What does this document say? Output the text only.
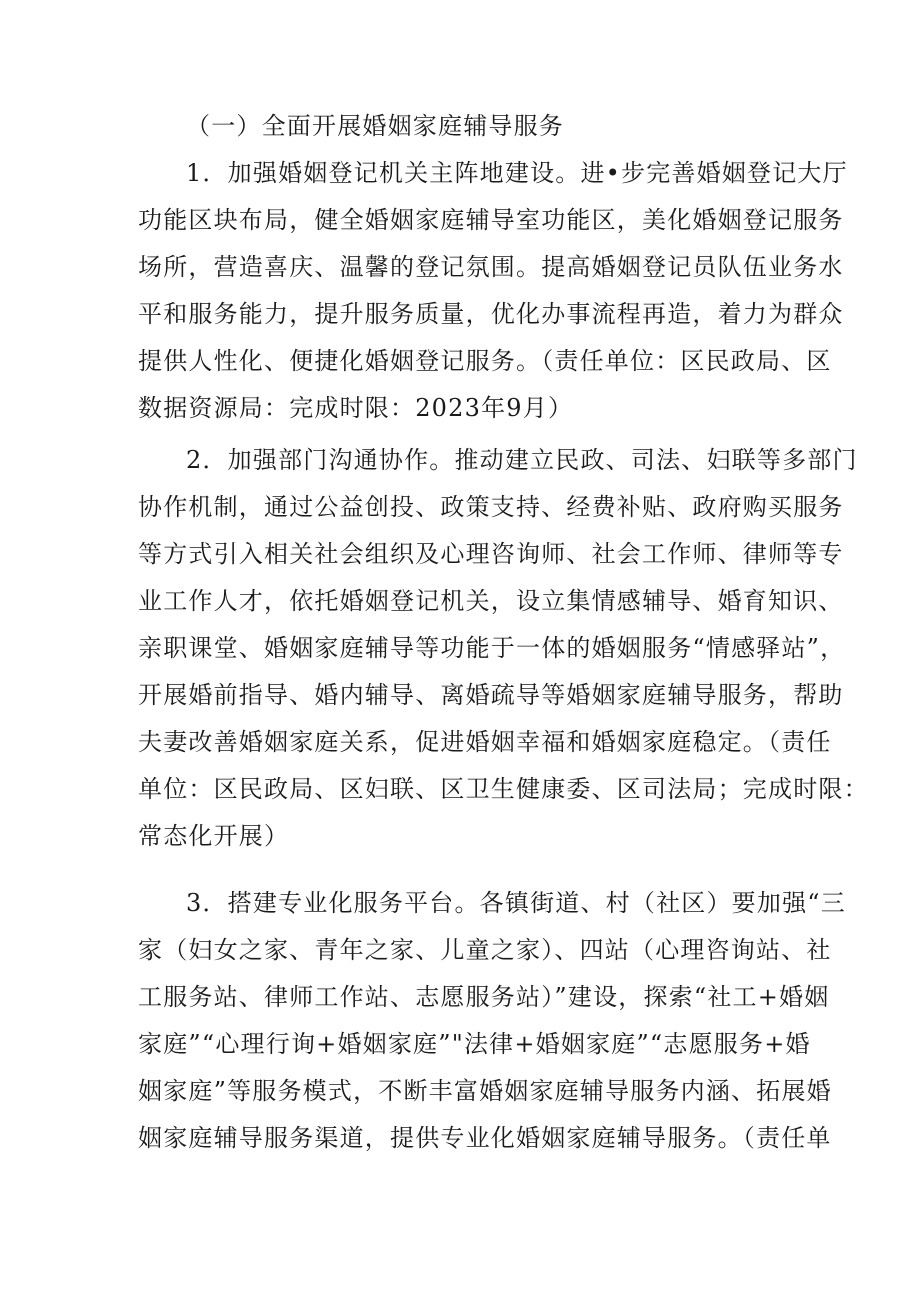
（一）全面开展婚姻家庭辅导服务
1．加强婚姻登记机关主阵地建设。进•步完善婚姻登记大厅
功能区块布局，健全婚姻家庭辅导室功能区，美化婚姻登记服务
场所，营造喜庆、温馨的登记氛围。提高婚姻登记员队伍业务水
平和服务能力，提升服务质量，优化办事流程再造，着力为群众
提供人性化、便捷化婚姻登记服务。（责任单位：区民政局、区
数据资源局：完成时限：2023年9月）
2．加强部门沟通协作。推动建立民政、司法、妇联等多部门
协作机制，通过公益创投、政策支持、经费补贴、政府购买服务
等方式引入相关社会组织及心理咨询师、社会工作师、律师等专
业工作人才，依托婚姻登记机关，设立集情感辅导、婚育知识、
亲职课堂、婚姻家庭辅导等功能于一体的婚姻服务“情感驿站”，
开展婚前指导、婚内辅导、离婚疏导等婚姻家庭辅导服务，帮助
夫妻改善婚姻家庭关系，促进婚姻幸福和婚姻家庭稳定。（责任
单位：区民政局、区妇联、区卫生健康委、区司法局；完成时限：
常态化开展）
3．搭建专业化服务平台。各镇街道、村（社区）要加强“三
家（妇女之家、青年之家、儿童之家）、四站（心理咨询站、社
工服务站、律师工作站、志愿服务站）”建设，探索“社工+婚姻
家庭”“心理行询+婚姻家庭”"法律+婚姻家庭”“志愿服务+婚
姻家庭”等服务模式，不断丰富婚姻家庭辅导服务内涵、拓展婚
姻家庭辅导服务渠道，提供专业化婚姻家庭辅导服务。（责任单
